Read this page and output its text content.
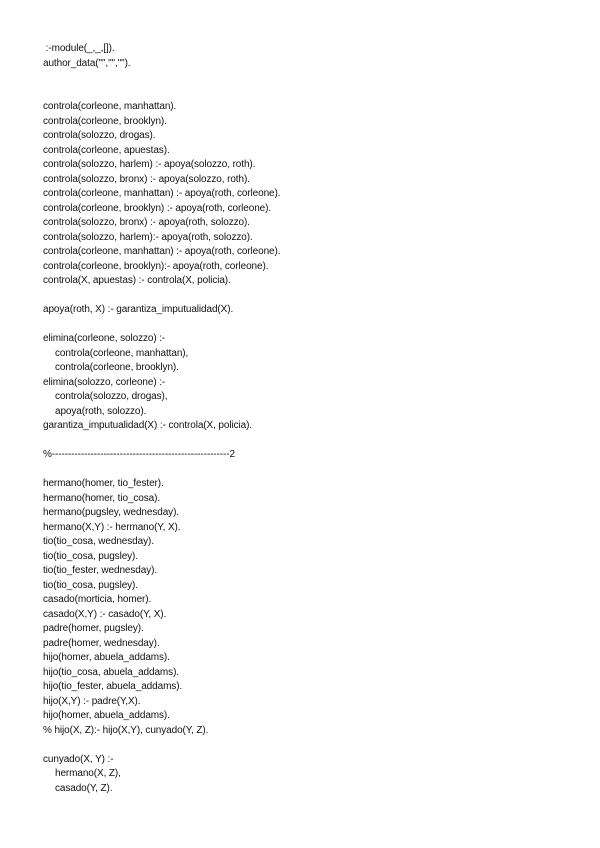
:-module(_,_,[]).
author_data("","","").
controla(corleone, manhattan).
controla(corleone, brooklyn).
controla(solozzo, drogas).
controla(corleone, apuestas).
controla(solozzo, harlem) :- apoya(solozzo, roth).
controla(solozzo, bronx) :- apoya(solozzo, roth).
controla(corleone, manhattan) :- apoya(roth, corleone).
controla(corleone, brooklyn) :- apoya(roth, corleone).
controla(solozzo, bronx) :- apoya(roth, solozzo).
controla(solozzo, harlem):- apoya(roth, solozzo).
controla(corleone, manhattan) :- apoya(roth, corleone).
controla(corleone, brooklyn):- apoya(roth, corleone).
controla(X, apuestas) :- controla(X, policia).
apoya(roth, X) :- garantiza_imputualidad(X).
elimina(corleone, solozzo) :-
controla(corleone, manhattan),
controla(corleone, brooklyn).
elimina(solozzo, corleone) :-
controla(solozzo, drogas),
apoya(roth, solozzo).
garantiza_imputualidad(X) :- controla(X, policia).
%-------------------------------------------------------2
hermano(homer, tio_fester).
hermano(homer, tio_cosa).
hermano(pugsley, wednesday).
hermano(X,Y) :- hermano(Y, X).
tio(tio_cosa, wednesday).
tio(tio_cosa, pugsley).
tio(tio_fester, wednesday).
tio(tio_cosa, pugsley).
casado(morticia, homer).
casado(X,Y) :- casado(Y, X).
padre(homer, pugsley).
padre(homer, wednesday).
hijo(homer, abuela_addams).
hijo(tio_cosa, abuela_addams).
hijo(tio_fester, abuela_addams).
hijo(X,Y) :- padre(Y,X).
hijo(homer, abuela_addams).
% hijo(X, Z):- hijo(X,Y), cunyado(Y, Z).
cunyado(X, Y) :-
hermano(X, Z),
casado(Y, Z).
